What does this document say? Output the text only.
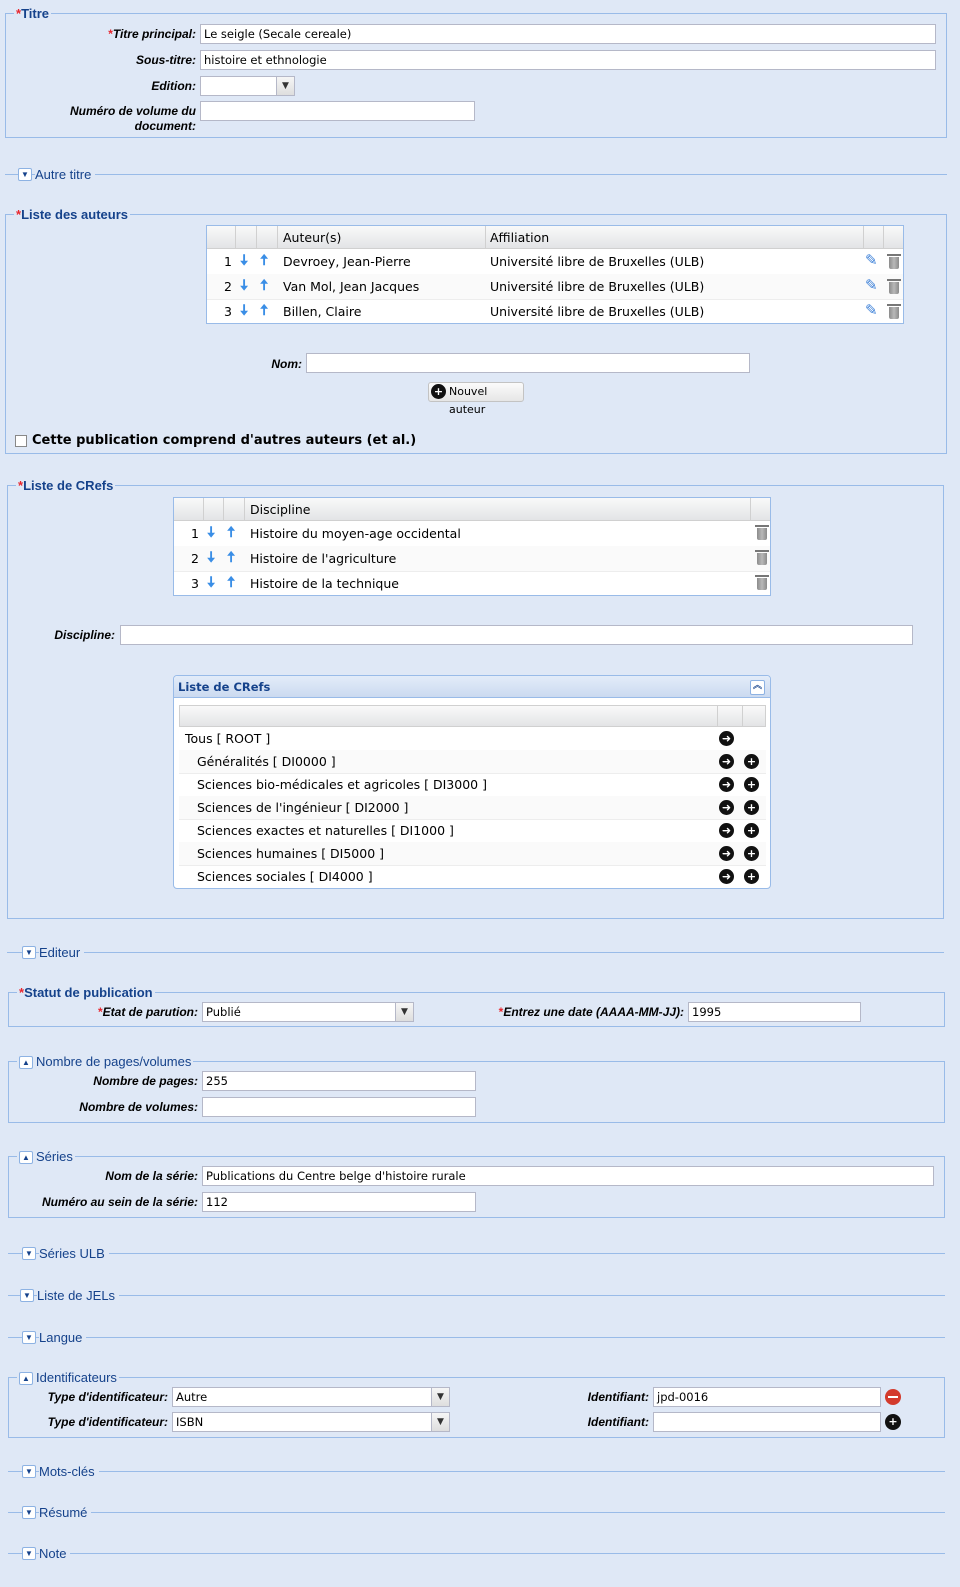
*Titre
*Titre principal: Le seigle (Secale cereale)
Sous-titre: histoire et ethnologie
Edition:	▼
Numéro de volume du
document:
▼ Autre titre
*Liste des auteurs
Auteur(s)	Affiliation
1 🠇 🠅 Devroey, Jean-Pierre	Université libre de Bruxelles (ULB)	✎
2 🠇 🠅 Van Mol, Jean Jacques	Université libre de Bruxelles (ULB)	✎
3 🠇 🠅 Billen, Claire	Université libre de Bruxelles (ULB)	✎
Nom:
+ Nouvel auteur
Cette publication comprend d'autres auteurs (et al.)
*Liste de CRefs
Discipline
1 🠇 🠅 Histoire du moyen-age occidental
2 🠇 🠅 Histoire de l'agriculture
3 🠇 🠅 Histoire de la technique
Discipline:
Liste de CRefs	︽
Tous [ ROOT ]	➜
Généralités [ DI0000 ]	➜ +
Sciences bio-médicales et agricoles [ DI3000 ]	➜ +
Sciences de l'ingénieur [ DI2000 ]	➜ +
Sciences exactes et naturelles [ DI1000 ]	➜ +
Sciences humaines [ DI5000 ]	➜ +
Sciences sociales [ DI4000 ]	➜ +
▼ Editeur
*Statut de publication
*Etat de parution: Publié	▼	*Entrez une date (AAAA-MM-JJ): 1995
▲ Nombre de pages/volumes
Nombre de pages: 255
Nombre de volumes:
▲ Séries
Nom de la série: Publications du Centre belge d'histoire rurale
Numéro au sein de la série: 112
▼ Séries ULB
▼ Liste de JELs
▼ Langue
▲ Identificateurs
Type d'identificateur: Autre	▼	Identifiant: jpd-0016
Type d'identificateur: ISBN	▼	Identifiant:	+
▼ Mots-clés
▼ Résumé
▼ Note
